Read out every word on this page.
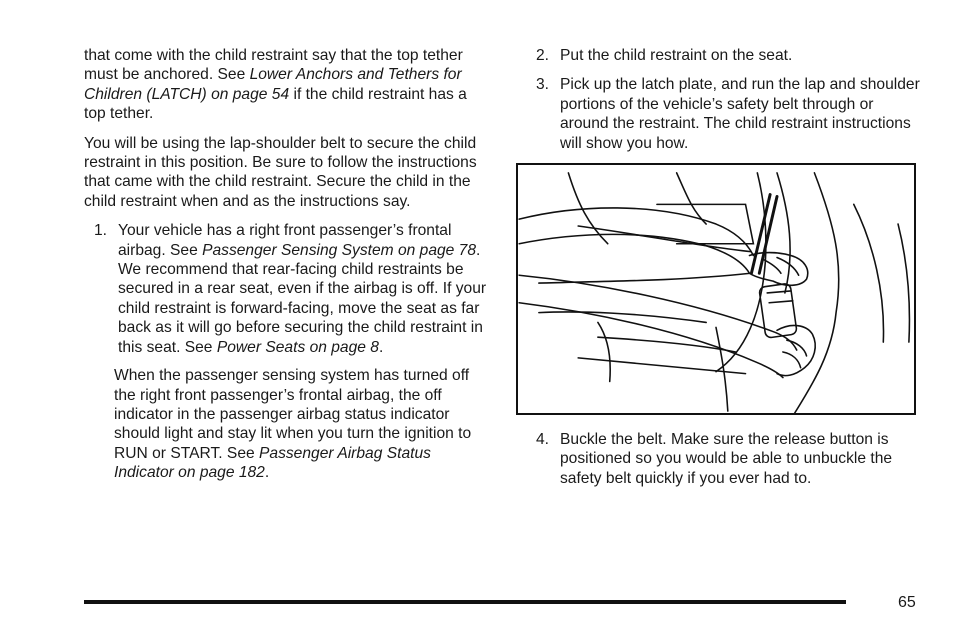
that come with the child restraint say that the top tether must be anchored. See Lower Anchors and Tethers for Children (LATCH) on page 54 if the child restraint has a top tether.

You will be using the lap-shoulder belt to secure the child restraint in this position. Be sure to follow the instructions that came with the child restraint. Secure the child in the child restraint when and as the instructions say.

1. Your vehicle has a right front passenger’s frontal airbag. See Passenger Sensing System on page 78. We recommend that rear-facing child restraints be secured in a rear seat, even if the airbag is off. If your child restraint is forward-facing, move the seat as far back as it will go before securing the child restraint in this seat. See Power Seats on page 8.

When the passenger sensing system has turned off the right front passenger’s frontal airbag, the off indicator in the passenger airbag status indicator should light and stay lit when you turn the ignition to RUN or START. See Passenger Airbag Status Indicator on page 182.

2. Put the child restraint on the seat.
3. Pick up the latch plate, and run the lap and shoulder portions of the vehicle’s safety belt through or around the restraint. The child restraint instructions will show you how.
4. Buckle the belt. Make sure the release button is positioned so you would be able to unbuckle the safety belt quickly if you ever had to.
65
